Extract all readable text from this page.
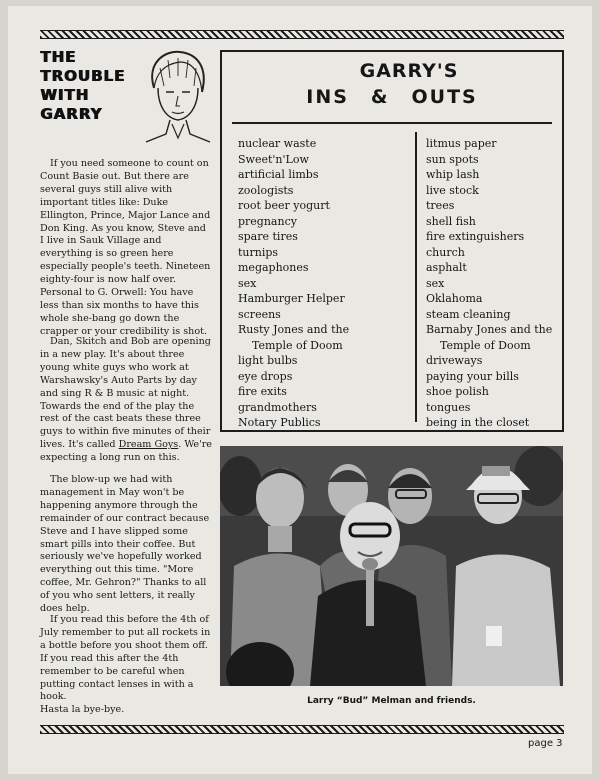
THE
TROUBLE
WITH
GARRY

If you need someone to count on Count Basie out. But there are several guys still alive with important titles like: Duke Ellington, Prince, Major Lance and Don King. As you know, Steve and I live in Sauk Village and everything is so green here especially people's teeth. Nineteen eighty-four is now half over. Personal to G. Orwell: You have less than six months to have this whole she-bang go down the crapper or your credibility is shot.

Dan, Skitch and Bob are opening in a new play. It's about three young white guys who work at Warshawsky's Auto Parts by day and sing R & B music at night. Towards the end of the play the rest of the cast beats these three guys to within five minutes of their lives. It's called Dream Goys. We're expecting a long run on this.

The blow-up we had with management in May won't be happening anymore through the remainder of our contract because Steve and I have slipped some smart pills into their coffee. But seriously we've hopefully worked everything out this time. "More coffee, Mr. Gehron?" Thanks to all of you who sent letters, it really does help.

If you read this before the 4th of July remember to put all rockets in a bottle before you shoot them off. If you read this after the 4th remember to be careful when putting contact lenses in with a hook.

Hasta la bye-bye.

GARRY'S
INS & OUTS
nuclear waste
Sweet'n'Low
artificial limbs
zoologists
root beer yogurt
pregnancy
spare tires
turnips
megaphones
sex
Hamburger Helper
screens
Rusty Jones and the
Temple of Doom
light bulbs
eye drops
fire exits
grandmothers
Notary Publics
litmus paper
sun spots
whip lash
live stock
trees
shell fish
fire extinguishers
church
asphalt
sex
Oklahoma
steam cleaning
Barnaby Jones and the
Temple of Doom
driveways
paying your bills
shoe polish
tongues
being in the closet
Larry “Bud” Melman and friends.
page 3
